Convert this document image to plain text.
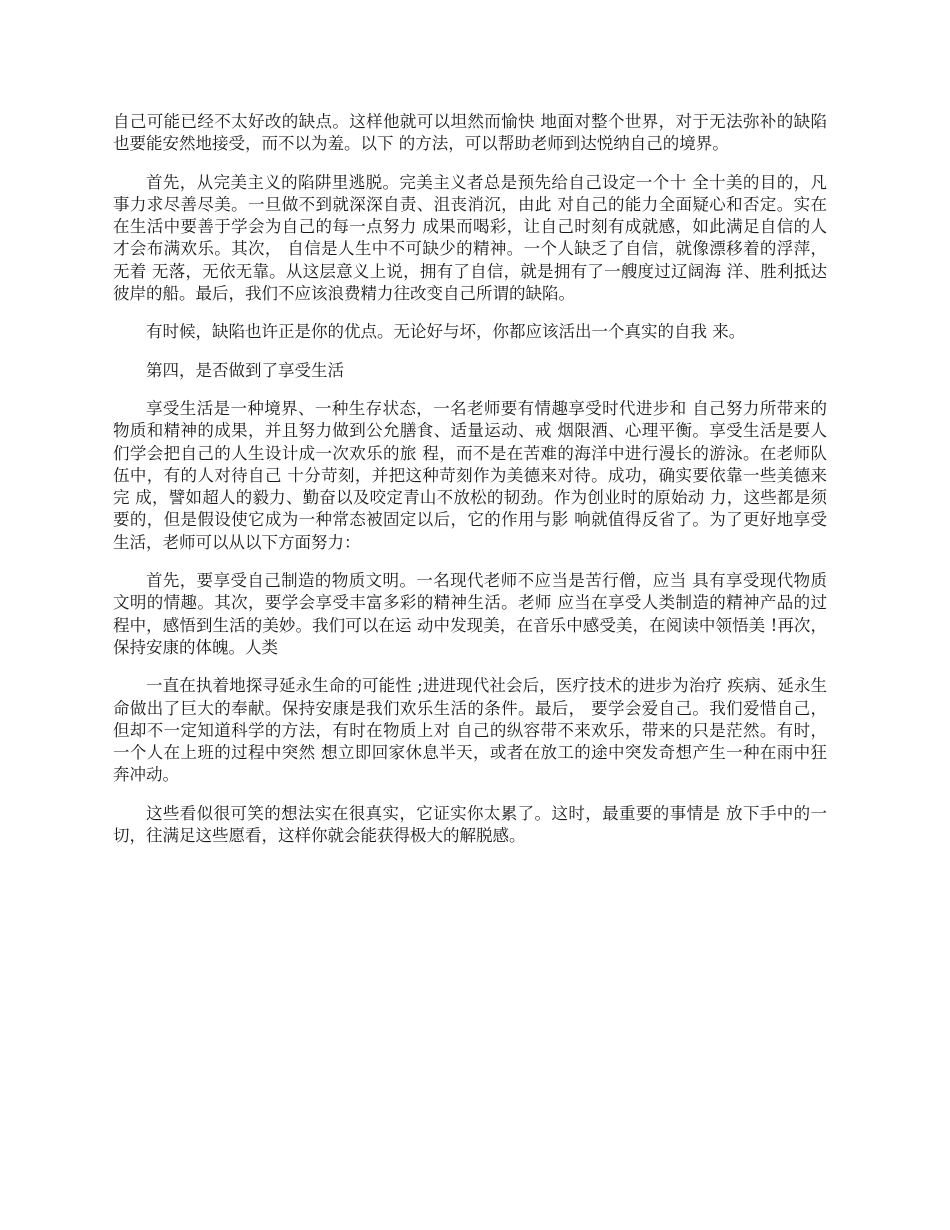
自己可能已经不太好改的缺点。这样他就可以坦然而愉快 地面对整个世界，对于无法弥补的缺陷也要能安然地接受，而不以为羞。以下 的方法，可以帮助老师到达悦纳自己的境界。

首先，从完美主义的陷阱里逃脱。完美主义者总是预先给自己设定一个十 全十美的目的，凡事力求尽善尽美。一旦做不到就深深自责、沮丧消沉，由此 对自己的能力全面疑心和否定。实在在生活中要善于学会为自己的每一点努力 成果而喝彩，让自己时刻有成就感，如此满足自信的人才会布满欢乐。其次， 自信是人生中不可缺少的精神。一个人缺乏了自信，就像漂移着的浮萍，无着 无落，无依无靠。从这层意义上说，拥有了自信，就是拥有了一艘度过辽阔海 洋、胜利抵达彼岸的船。最后，我们不应该浪费精力往改变自己所谓的缺陷。

有时候，缺陷也许正是你的优点。无论好与坏，你都应该活出一个真实的自我 来。

第四，是否做到了享受生活

享受生活是一种境界、一种生存状态，一名老师要有情趣享受时代进步和 自己努力所带来的物质和精神的成果，并且努力做到公允膳食、适量运动、戒 烟限酒、心理平衡。享受生活是要人们学会把自己的人生设计成一次欢乐的旅 程，而不是在苦难的海洋中进行漫长的游泳。在老师队伍中，有的人对待自己 十分苛刻，并把这种苛刻作为美德来对待。成功，确实要依靠一些美德来完 成，譬如超人的毅力、勤奋以及咬定青山不放松的韧劲。作为创业时的原始动 力，这些都是须要的，但是假设使它成为一种常态被固定以后，它的作用与影 响就值得反省了。为了更好地享受生活，老师可以从以下方面努力：

首先，要享受自己制造的物质文明。一名现代老师不应当是苦行僧，应当 具有享受现代物质文明的情趣。其次，要学会享受丰富多彩的精神生活。老师 应当在享受人类制造的精神产品的过程中，感悟到生活的美妙。我们可以在运 动中发现美，在音乐中感受美，在阅读中领悟美 !再次，保持安康的体魄。人类

一直在执着地探寻延永生命的可能性 ;进进现代社会后，医疗技术的进步为治疗 疾病、延永生命做出了巨大的奉献。保持安康是我们欢乐生活的条件。最后， 要学会爱自己。我们爱惜自己，但却不一定知道科学的方法，有时在物质上对 自己的纵容带不来欢乐，带来的只是茫然。有时，一个人在上班的过程中突然 想立即回家休息半天，或者在放工的途中突发奇想产生一种在雨中狂奔冲动。

这些看似很可笑的想法实在很真实，它证实你太累了。这时，最重要的事情是 放下手中的一切，往满足这些愿看，这样你就会能获得极大的解脱感。
